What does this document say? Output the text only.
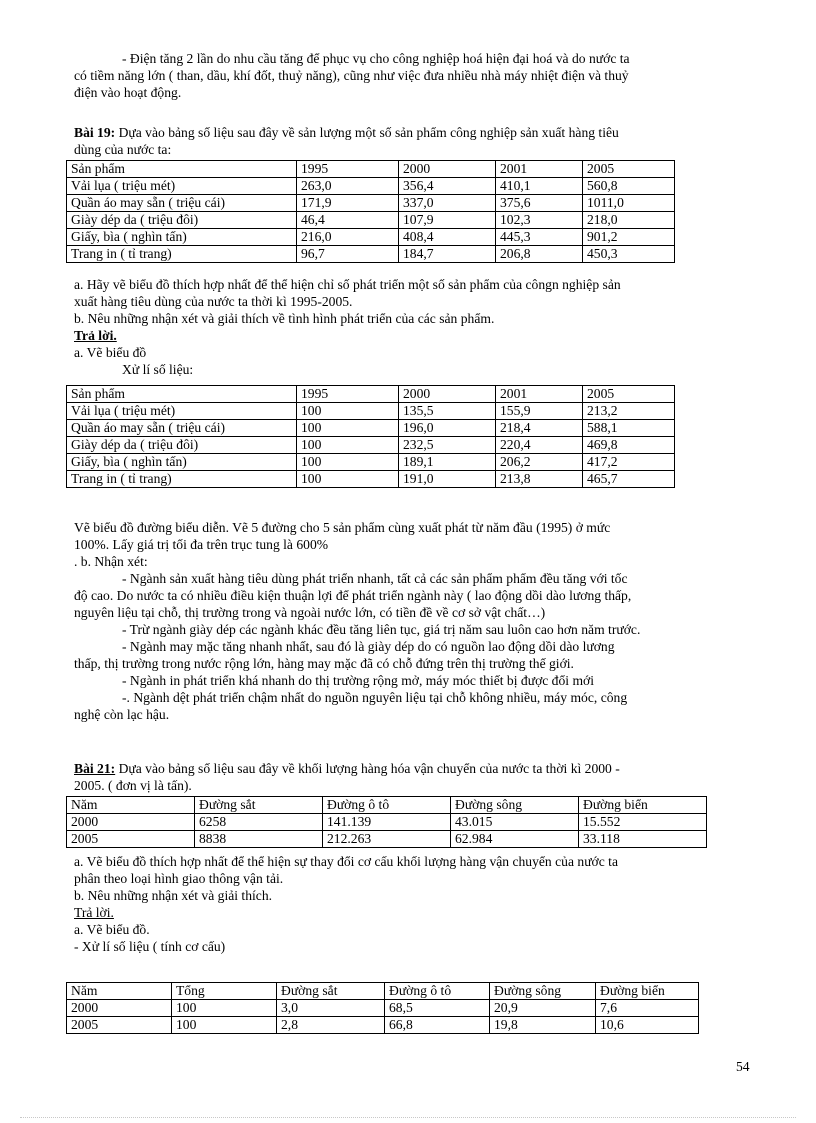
- Điện tăng 2 lần do nhu cầu tăng để phục vụ cho công nghiệp hoá hiện đại hoá và do nước ta

có tiềm năng lớn ( than, dầu, khí đốt, thuỷ năng), cũng như việc đưa nhiều nhà máy nhiệt điện và thuỷ

điện vào hoạt động.

Bài 19: Dựa vào bảng số liệu sau đây về sản lượng một số sản phẩm công nghiệp sản xuất hàng tiêu

dùng của nước ta:

Sản phẩm	1995	2000	2001	2005
Vải lụa ( triệu mét)	263,0	356,4	410,1	560,8
Quần áo may sẵn ( triệu cái)	171,9	337,0	375,6	1011,0
Giày dép da ( triệu đôi)	46,4	107,9	102,3	218,0
Giấy, bìa ( nghìn tấn)	216,0	408,4	445,3	901,2
Trang in ( tỉ trang)	96,7	184,7	206,8	450,3

a. Hãy vẽ biểu đồ thích hợp nhất để thể hiện chỉ số phát triển một số sản phẩm của côngn nghiệp sản

xuất hàng tiêu dùng của nước ta thời kì 1995-2005.

b. Nêu những nhận xét và giải thích về tình hình phát triển của các sản phẩm.

Trả lời.

a. Vẽ biểu đồ

Xử lí số liệu:

Sản phẩm	1995	2000	2001	2005
Vải lụa ( triệu mét)	100	135,5	155,9	213,2
Quần áo may sẵn ( triệu cái)	100	196,0	218,4	588,1
Giày dép da ( triệu đôi)	100	232,5	220,4	469,8
Giấy, bìa ( nghìn tấn)	100	189,1	206,2	417,2
Trang in ( tỉ trang)	100	191,0	213,8	465,7

Vẽ biểu đồ đường biểu diễn. Vẽ 5 đường cho 5 sản phẩm cùng xuất phát từ năm đầu (1995) ở mức

100%. Lấy giá trị tối đa trên trục tung là 600%

. b. Nhận xét:

- Ngành sản xuất hàng tiêu dùng phát triển nhanh, tất cả các sản phẩm phẩm đều tăng với tốc

độ cao. Do nước ta có nhiều điều kiện thuận lợi để phát triển ngành này ( lao động dồi dào lương thấp,

nguyên liệu tại chỗ, thị trường trong và ngoài nước lớn, có tiền đề về cơ sở vật chất…)

- Trừ ngành giày dép các ngành khác đều tăng liên tục, giá trị năm sau luôn cao hơn năm trước.

- Ngành may mặc tăng nhanh nhất, sau đó là giày dép do có nguồn lao động dồi dào lương

thấp, thị trường trong nước rộng lớn, hàng may mặc đã có chỗ đứng trên thị trường thế giới.

- Ngành in phát triển khá nhanh do thị trường rộng mở, máy móc thiết bị được đổi mới

-. Ngành dệt phát triển chậm nhất do nguồn nguyên liệu tại chỗ không nhiều, máy móc, công

nghệ còn lạc hậu.

Bài 21: Dựa vào bảng số liệu sau đây về khối lượng hàng hóa vận chuyển của nước ta thời kì 2000 -

2005. ( đơn vị là tấn).

Năm	Đường sắt	Đường ô tô	Đường sông	Đường biển
2000	6258	141.139	43.015	15.552
2005	8838	212.263	62.984	33.118

a. Vẽ biểu đồ thích hợp nhất để thể hiện sự thay đổi cơ cấu khối lượng hàng vận chuyển của nước ta

phân theo loại hình giao thông vận tải.

b. Nêu những nhận xét và giải thích.

Trả lời.

a. Vẽ biểu đồ.

- Xử lí số liệu ( tính cơ cấu)

Năm	Tổng	Đường sắt	Đường ô tô	Đường sông	Đường biển
2000	100	3,0	68,5	20,9	7,6
2005	100	2,8	66,8	19,8	10,6
54
